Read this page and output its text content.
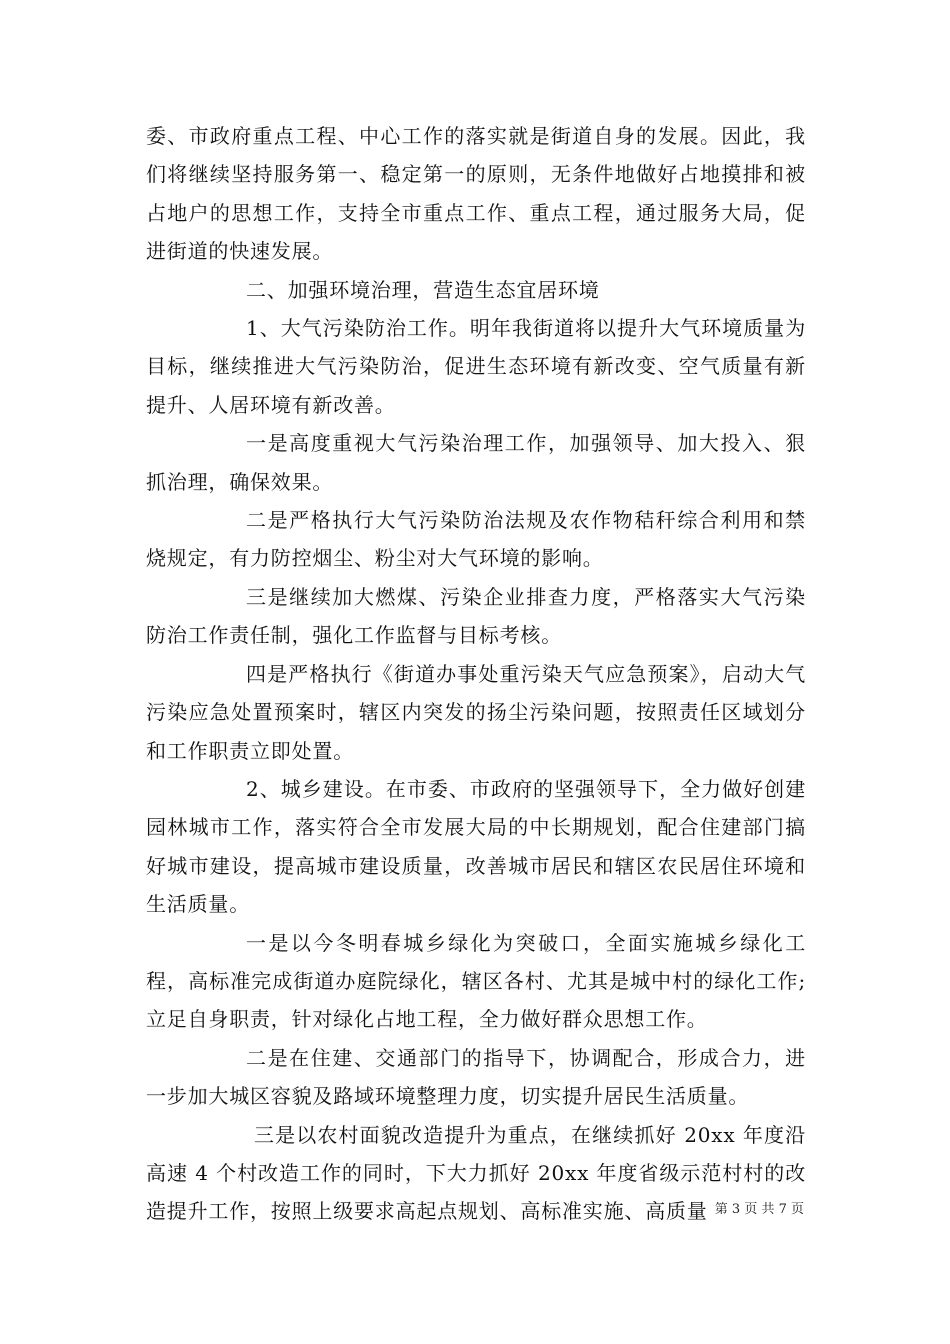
委、市政府重点工程、中心工作的落实就是街道自身的发展。因此，我们将继续坚持服务第一、稳定第一的原则，无条件地做好占地摸排和被占地户的思想工作，支持全市重点工作、重点工程，通过服务大局，促进街道的快速发展。

二、加强环境治理，营造生态宜居环境

1、大气污染防治工作。明年我街道将以提升大气环境质量为目标，继续推进大气污染防治，促进生态环境有新改变、空气质量有新提升、人居环境有新改善。

一是高度重视大气污染治理工作，加强领导、加大投入、狠抓治理，确保效果。

二是严格执行大气污染防治法规及农作物秸秆综合利用和禁烧规定，有力防控烟尘、粉尘对大气环境的影响。

三是继续加大燃煤、污染企业排查力度，严格落实大气污染防治工作责任制，强化工作监督与目标考核。

四是严格执行《街道办事处重污染天气应急预案》，启动大气污染应急处置预案时，辖区内突发的扬尘污染问题，按照责任区域划分和工作职责立即处置。

2、城乡建设。在市委、市政府的坚强领导下，全力做好创建园林城市工作，落实符合全市发展大局的中长期规划，配合住建部门搞好城市建设，提高城市建设质量，改善城市居民和辖区农民居住环境和生活质量。

一是以今冬明春城乡绿化为突破口，全面实施城乡绿化工程，高标准完成街道办庭院绿化，辖区各村、尤其是城中村的绿化工作;立足自身职责，针对绿化占地工程，全力做好群众思想工作。

二是在住建、交通部门的指导下，协调配合，形成合力，进一步加大城区容貌及路域环境整理力度，切实提升居民生活质量。

三是以农村面貌改造提升为重点，在继续抓好 20xx 年度沿高速 4 个村改造工作的同时，下大力抓好 20xx 年度省级示范村村的改造提升工作，按照上级要求高起点规划、高标准实施、高质量 第 3 页 共 7 页
